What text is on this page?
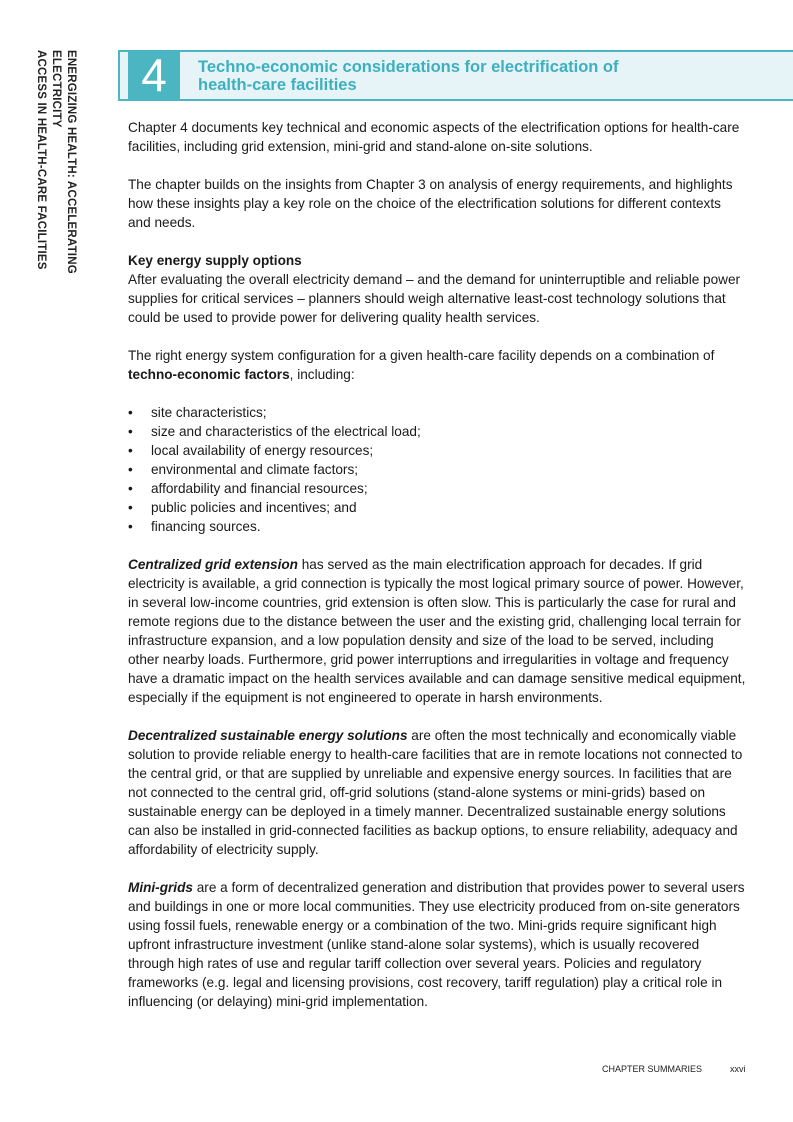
ENERGIZING HEALTH: ACCELERATING ELECTRICITY
ACCESS IN HEALTH-CARE FACILITIES 4	Techno-economic considerations for electrification of
health-care facilities

Chapter 4 documents key technical and economic aspects of the electrification options for health-care facilities, including grid extension, mini-grid and stand-alone on-site solutions.

The chapter builds on the insights from Chapter 3 on analysis of energy requirements, and highlights how these insights play a key role on the choice of the electrification solutions for different contexts and needs.

Key energy supply options

After evaluating the overall electricity demand – and the demand for uninterruptible and reliable power supplies for critical services – planners should weigh alternative least-cost technology solutions that could be used to provide power for delivering quality health services.

The right energy system configuration for a given health-care facility depends on a combination of techno-economic factors, including:

• site characteristics;
• size and characteristics of the electrical load;
• local availability of energy resources;
• environmental and climate factors;
• affordability and financial resources;
• public policies and incentives; and
• financing sources.

Centralized grid extension has served as the main electrification approach for decades. If grid electricity is available, a grid connection is typically the most logical primary source of power. However, in several low-income countries, grid extension is often slow. This is particularly the case for rural and remote regions due to the distance between the user and the existing grid, challenging local terrain for infrastructure expansion, and a low population density and size of the load to be served, including other nearby loads. Furthermore, grid power interruptions and irregularities in voltage and frequency have a dramatic impact on the health services available and can damage sensitive medical equipment, especially if the equipment is not engineered to operate in harsh environments.

Decentralized sustainable energy solutions are often the most technically and economically viable solution to provide reliable energy to health-care facilities that are in remote locations not connected to the central grid, or that are supplied by unreliable and expensive energy sources. In facilities that are not connected to the central grid, off-grid solutions (stand-alone systems or mini-grids) based on sustainable energy can be deployed in a timely manner. Decentralized sustainable energy solutions can also be installed in grid-connected facilities as backup options, to ensure reliability, adequacy and affordability of electricity supply.

Mini-grids are a form of decentralized generation and distribution that provides power to several users and buildings in one or more local communities. They use electricity produced from on-site generators using fossil fuels, renewable energy or a combination of the two. Mini-grids require significant high upfront infrastructure investment (unlike stand-alone solar systems), which is usually recovered through high rates of use and regular tariff collection over several years. Policies and regulatory frameworks (e.g. legal and licensing provisions, cost recovery, tariff regulation) play a critical role in influencing (or delaying) mini-grid implementation.

CHAPTER SUMMARIES	xxvi
